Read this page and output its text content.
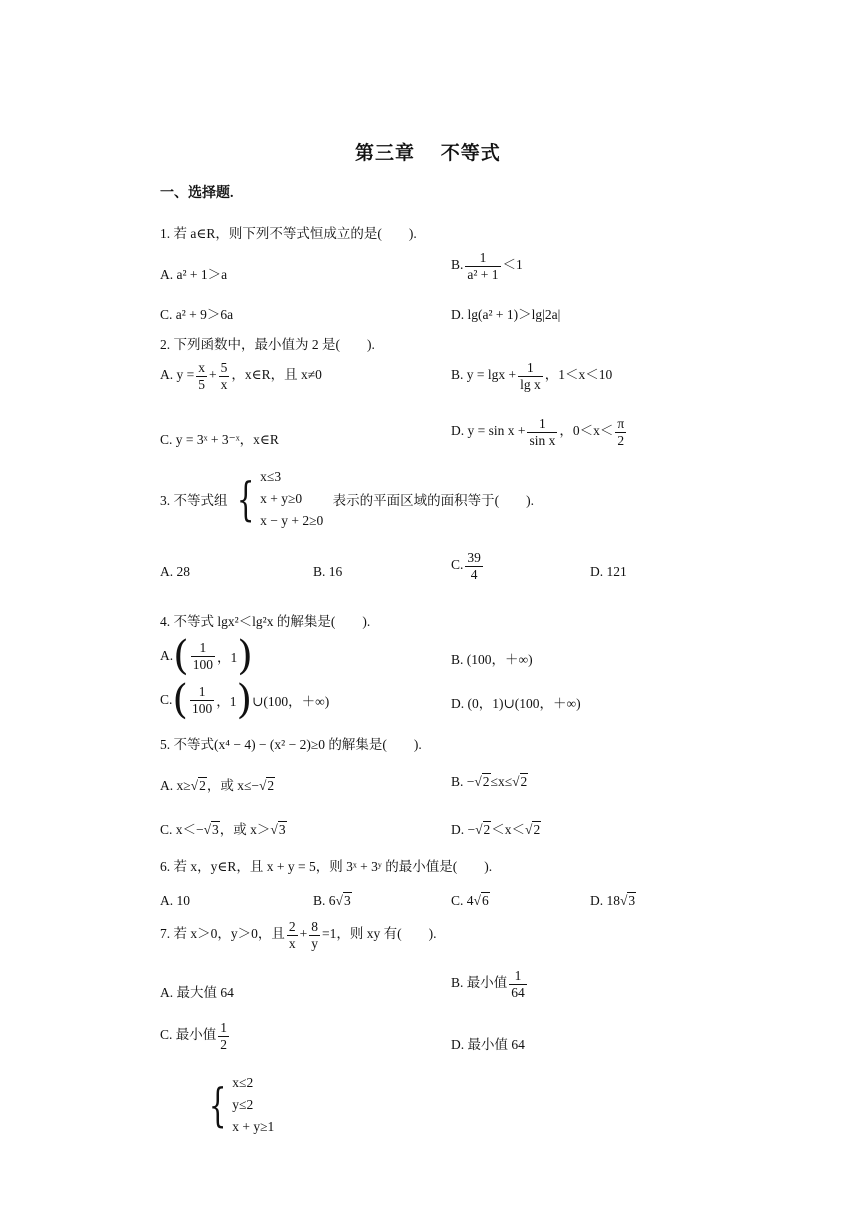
第三章　 不等式
一、选择题.
1. 若 a∈R，则下列不等式恒成立的是(　　).
A. a² + 1＞a
B. $\frac{1}{\text{a² + 1}} <1$
C. a² + 9＞6a	D. lg(a² + 1)＞lg|2a|
2. 下列函数中，最小值为 2 是(　　).
A. $y = \frac{x}{5} + \frac{5}{x}$ ，x∈R，且 x≠0	B. $y = \lg x + \frac{1}{\text{lg x}}$ ，1＜x＜10
C. y = 3ˣ + 3⁻ˣ，x∈R
D. $y = \sin x + \frac{1}{\text{sin x}}$ ，$0<x< \frac{\pi}{2}$
3. 不等式组 { x≤3
x + y≥0
x − y + 2≥0
表示的平面区域的面积等于(　　).
A. 28	B. 16	C. $\frac{39}{4}$	D. 121
4. 不等式 lgx²＜lg²x 的解集是(　　).
$A.( \frac{1}{100}$ ，1)	B. (100，＋∞)
$C.( \frac{1}{100}$ ，1)∪(100，＋∞)	D. (0，1)∪(100，＋∞)
5. 不等式(x⁴ − 4) − (x² − 2)≥0 的解集是(　　).
A. x≥√2，或 x≤−√2	B. −√2≤x≤√2
C. x＜−√3，或 x＞√3	D. −√2＜x＜√2
6. 若 x，y∈R，且 x + y = 5，则 3ˣ + 3ʸ 的最小值是(　　).
A. 10	B. 6√3	C. 4√6	D. 18√3
7. 若 x＞0，y＞0，且 $\frac{2}{x} + \frac{8}{y} =1$，则 xy 有(　　).
A. 最大值 64
B. 最小值 $\frac{1}{64}$
C. 最小值 $\frac{1}{2}$	D. 最小值 64
{ x≤2
y≤2
x + y≥1
